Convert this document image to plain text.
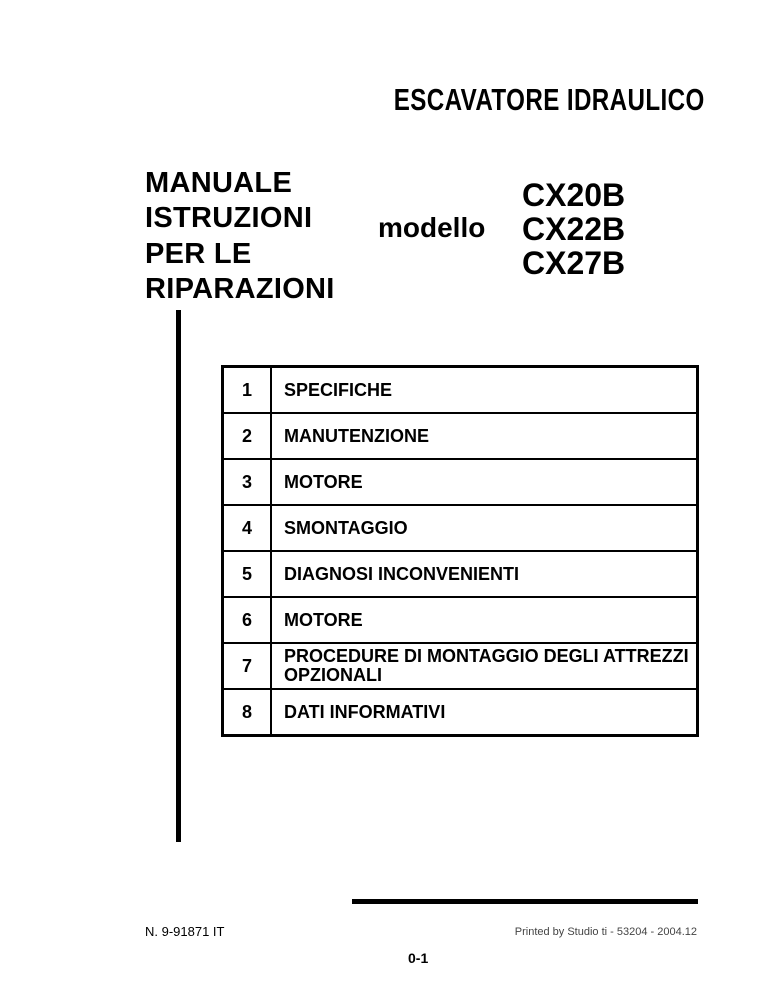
ESCAVATORE IDRAULICO
MANUALE
ISTRUZIONI
PER LE
RIPARAZIONI
modello
CX20B
CX22B
CX27B
1	SPECIFICHE
2	MANUTENZIONE
3	MOTORE
4	SMONTAGGIO
5	DIAGNOSI INCONVENIENTI
6	MOTORE
7	PROCEDURE DI MONTAGGIO DEGLI ATTREZZI OPZIONALI
8	DATI INFORMATIVI
N. 9-91871 IT	Printed by Studio ti - 53204 - 2004.12
0-1
